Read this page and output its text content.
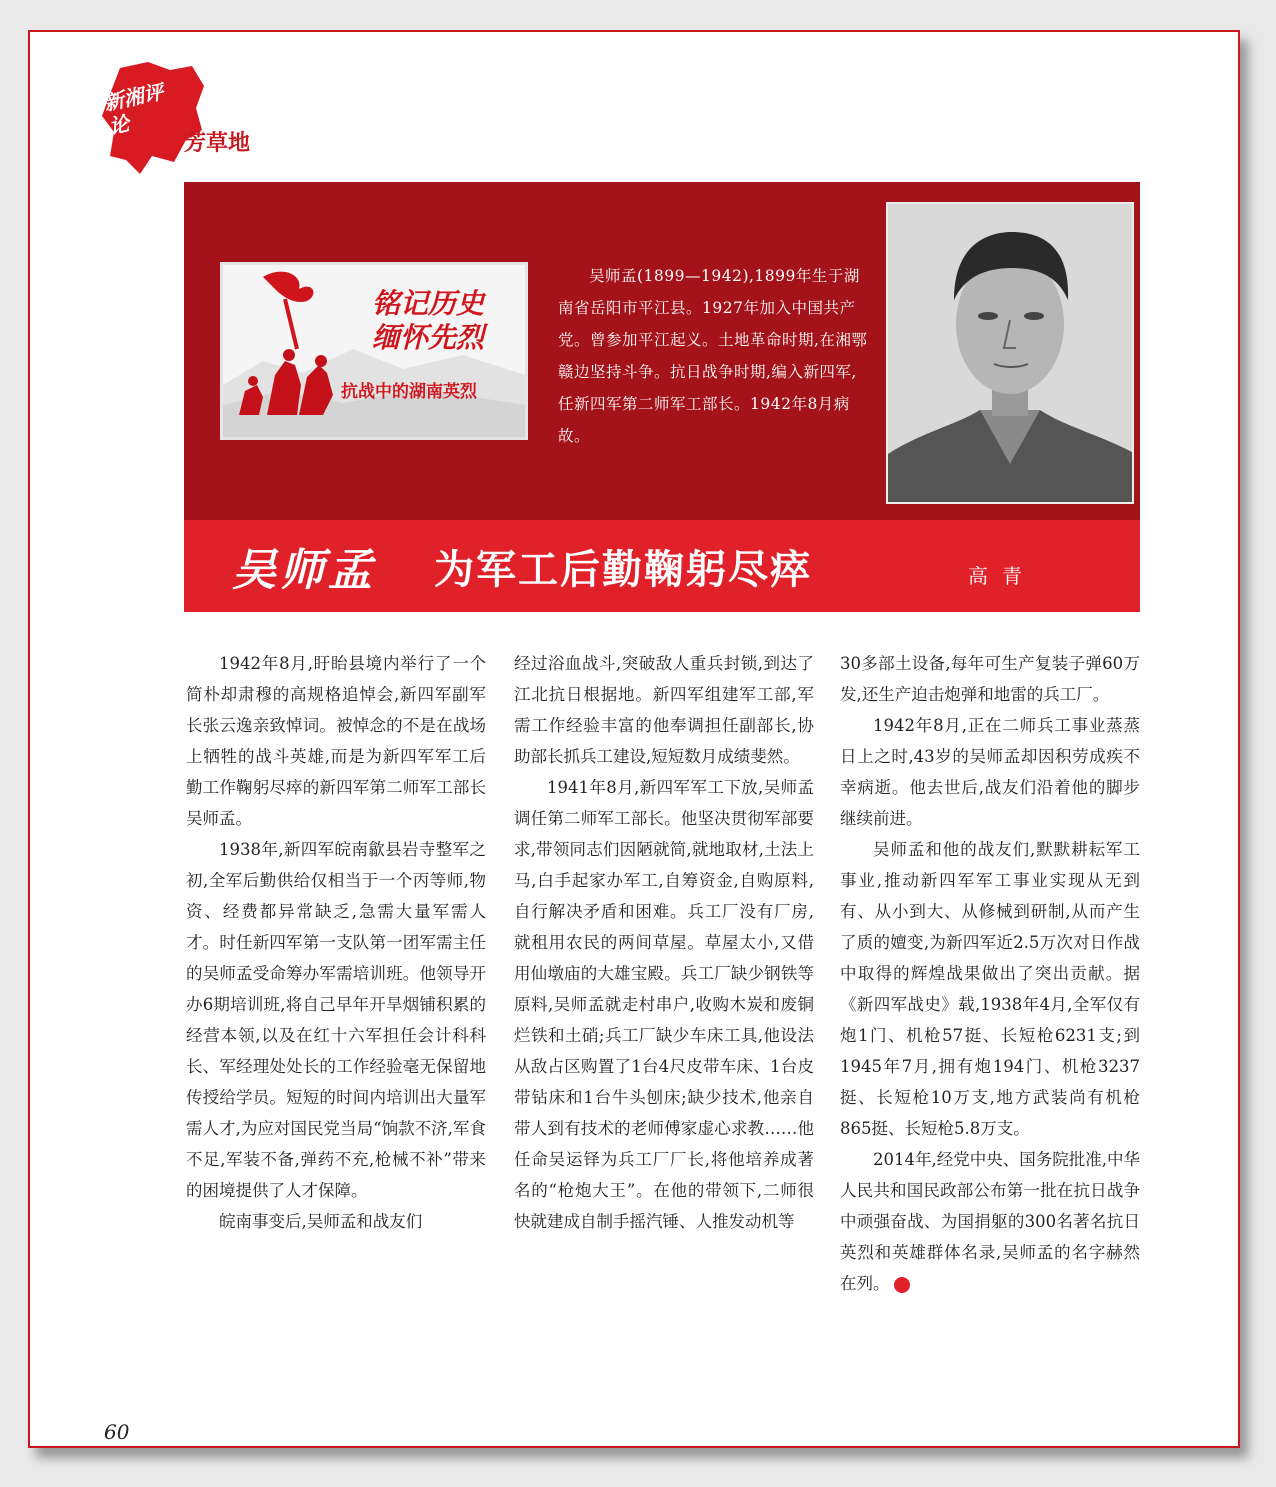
新湘评论
芳草地
铭记历史
缅怀先烈
抗战中的湖南英烈
吴师孟(1899—1942),1899年生于湖南省岳阳市平江县。1927年加入中国共产党。曾参加平江起义。土地革命时期,在湘鄂赣边坚持斗争。抗日战争时期,编入新四军,任新四军第二师军工部长。1942年8月病故。
吴师孟 为军工后勤鞠躬尽瘁	高青

1942年8月,盱眙县境内举行了一个简朴却肃穆的高规格追悼会,新四军副军长张云逸亲致悼词。被悼念的不是在战场上牺牲的战斗英雄,而是为新四军军工后勤工作鞠躬尽瘁的新四军第二师军工部长吴师孟。

1938年,新四军皖南歙县岩寺整军之初,全军后勤供给仅相当于一个丙等师,物资、经费都异常缺乏,急需大量军需人才。时任新四军第一支队第一团军需主任的吴师孟受命筹办军需培训班。他领导开办6期培训班,将自己早年开旱烟铺积累的经营本领,以及在红十六军担任会计科科长、军经理处处长的工作经验毫无保留地传授给学员。短短的时间内培训出大量军需人才,为应对国民党当局“饷款不济,军食不足,军装不备,弹药不充,枪械不补”带来的困境提供了人才保障。

皖南事变后,吴师孟和战友们

经过浴血战斗,突破敌人重兵封锁,到达了江北抗日根据地。新四军组建军工部,军需工作经验丰富的他奉调担任副部长,协助部长抓兵工建设,短短数月成绩斐然。

1941年8月,新四军军工下放,吴师孟调任第二师军工部长。他坚决贯彻军部要求,带领同志们因陋就简,就地取材,土法上马,白手起家办军工,自筹资金,自购原料,自行解决矛盾和困难。兵工厂没有厂房,就租用农民的两间草屋。草屋太小,又借用仙墩庙的大雄宝殿。兵工厂缺少钢铁等原料,吴师孟就走村串户,收购木炭和废铜烂铁和土硝;兵工厂缺少车床工具,他设法从敌占区购置了1台4尺皮带车床、1台皮带钻床和1台牛头刨床;缺少技术,他亲自带人到有技术的老师傅家虚心求教……他任命吴运铎为兵工厂厂长,将他培养成著名的“枪炮大王”。在他的带领下,二师很快就建成自制手摇汽锤、人推发动机等

30多部土设备,每年可生产复装子弹60万发,还生产迫击炮弹和地雷的兵工厂。

1942年8月,正在二师兵工事业蒸蒸日上之时,43岁的吴师孟却因积劳成疾不幸病逝。他去世后,战友们沿着他的脚步继续前进。

吴师孟和他的战友们,默默耕耘军工事业,推动新四军军工事业实现从无到有、从小到大、从修械到研制,从而产生了质的嬗变,为新四军近2.5万次对日作战中取得的辉煌战果做出了突出贡献。据《新四军战史》载,1938年4月,全军仅有炮1门、机枪57挺、长短枪6231支;到1945年7月,拥有炮194门、机枪3237挺、长短枪10万支,地方武装尚有机枪865挺、长短枪5.8万支。

2014年,经党中央、国务院批准,中华人民共和国民政部公布第一批在抗日战争中顽强奋战、为国捐躯的300名著名抗日英烈和英雄群体名录,吴师孟的名字赫然在列。

60
